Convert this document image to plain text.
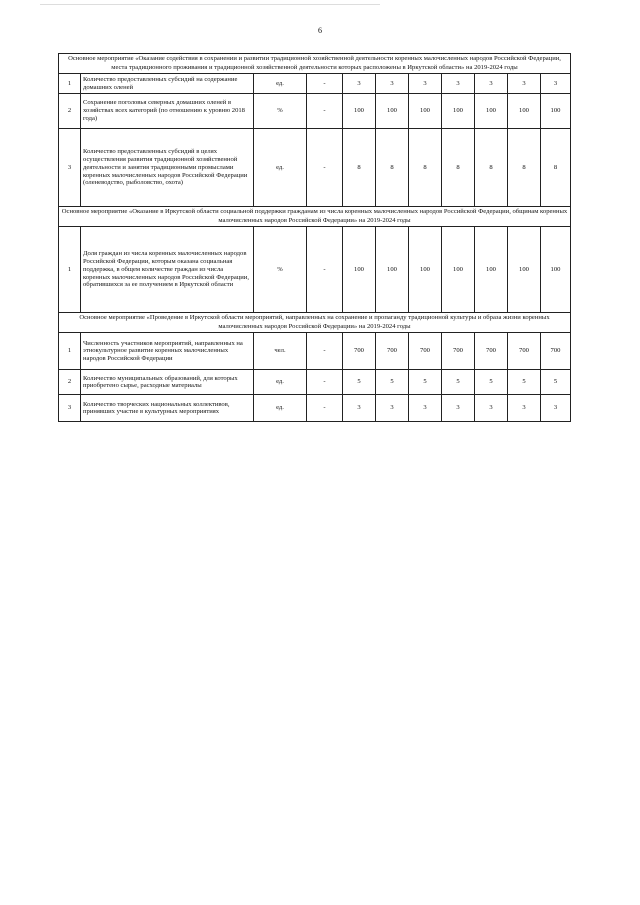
6
Основное мероприятие «Оказание содействия в сохранении и развитии традиционной хозяйственной деятельности коренных малочисленных народов Российской Федерации, места традиционного проживания и традиционной хозяйственной деятельности которых расположены в Иркутской области» на 2019-2024 годы										
1	Количество предоставленных субсидий на содержание домашних оленей	ед.	-	3	3	3	3	3	3	3
2	Сохранение поголовья северных домашних оленей в хозяйствах всех категорий (по отношению к уровню 2018 года)	%	-	100	100	100	100	100	100	100
3	Количество предоставленных субсидий в целях осуществления развития традиционной хозяйственной деятельности и занятия традиционными промыслами коренных малочисленных народов Российской Федерации (оленеводство, рыболовство, охота)	ед.	-	8	8	8	8	8	8	8
Основное мероприятие «Оказание в Иркутской области социальной поддержки гражданам из числа коренных малочисленных народов Российской Федерации, общинам коренных малочисленных народов Российской Федерации» на 2019-2024 годы										
1	Доля граждан из числа коренных малочисленных народов Российской Федерации, которым оказана социальная поддержка, в общем количестве граждан из числа коренных малочисленных народов Российской Федерации, обратившихся за ее получением в Иркутской области	%	-	100	100	100	100	100	100	100
Основное мероприятие «Проведение в Иркутской области мероприятий, направленных на сохранение и пропаганду традиционной культуры и образа жизни коренных малочисленных народов Российской Федерации» на 2019-2024 годы										
1	Численность участников мероприятий, направленных на этнокультурное развитие коренных малочисленных народов Российской Федерации	чел.	-	700	700	700	700	700	700	700
2	Количество муниципальных образований, для которых приобретено сырье, расходные материалы	ед.	-	5	5	5	5	5	5	5
3	Количество творческих национальных коллективов, принявших участие в культурных мероприятиях	ед.	-	3	3	3	3	3	3	3
